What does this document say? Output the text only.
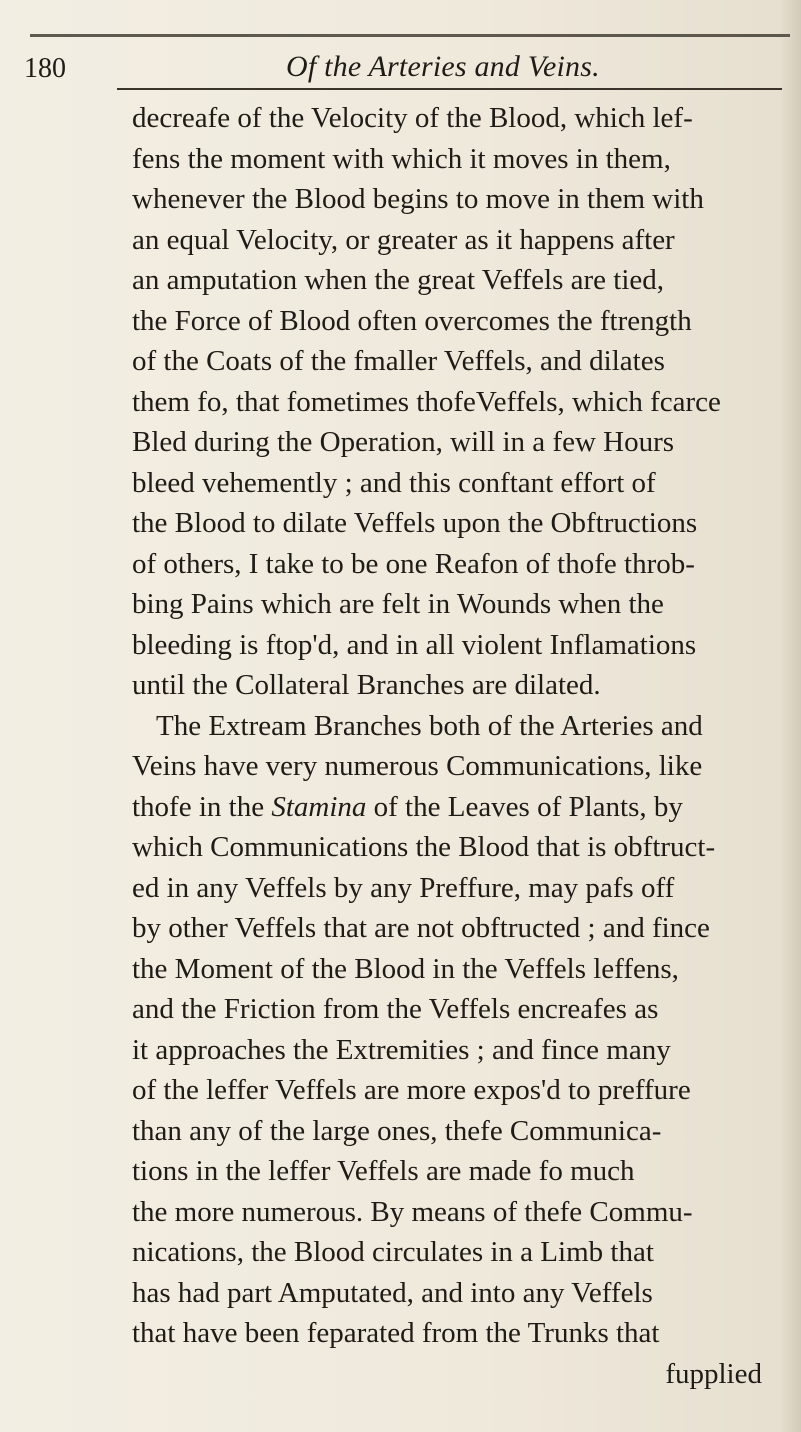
180	Of the Arteries and Veins.
decreafe of the Velocity of the Blood, which lef-
fens the moment with which it moves in them,
whenever the Blood begins to move in them with
an equal Velocity, or greater as it happens after
an amputation when the great Veffels are tied,
the Force of Blood often overcomes the ftrength
of the Coats of the fmaller Veffels, and dilates
them fo, that fometimes thofeVeffels, which fcarce
Bled during the Operation, will in a few Hours
bleed vehemently ; and this conftant effort of
the Blood to dilate Veffels upon the Obftructions
of others, I take to be one Reafon of thofe throb-
bing Pains which are felt in Wounds when the
bleeding is ftop'd, and in all violent Inflamations
until the Collateral Branches are dilated.
The Extream Branches both of the Arteries and
Veins have very numerous Communications, like
thofe in the Stamina of the Leaves of Plants, by
which Communications the Blood that is obftruct-
ed in any Veffels by any Preffure, may pafs off
by other Veffels that are not obftructed ; and fince
the Moment of the Blood in the Veffels leffens,
and the Friction from the Veffels encreafes as
it approaches the Extremities ; and fince many
of the leffer Veffels are more expos'd to preffure
than any of the large ones, thefe Communica-
tions in the leffer Veffels are made fo much
the more numerous. By means of thefe Commu-
nications, the Blood circulates in a Limb that
has had part Amputated, and into any Veffels
that have been feparated from the Trunks that
fupplied
